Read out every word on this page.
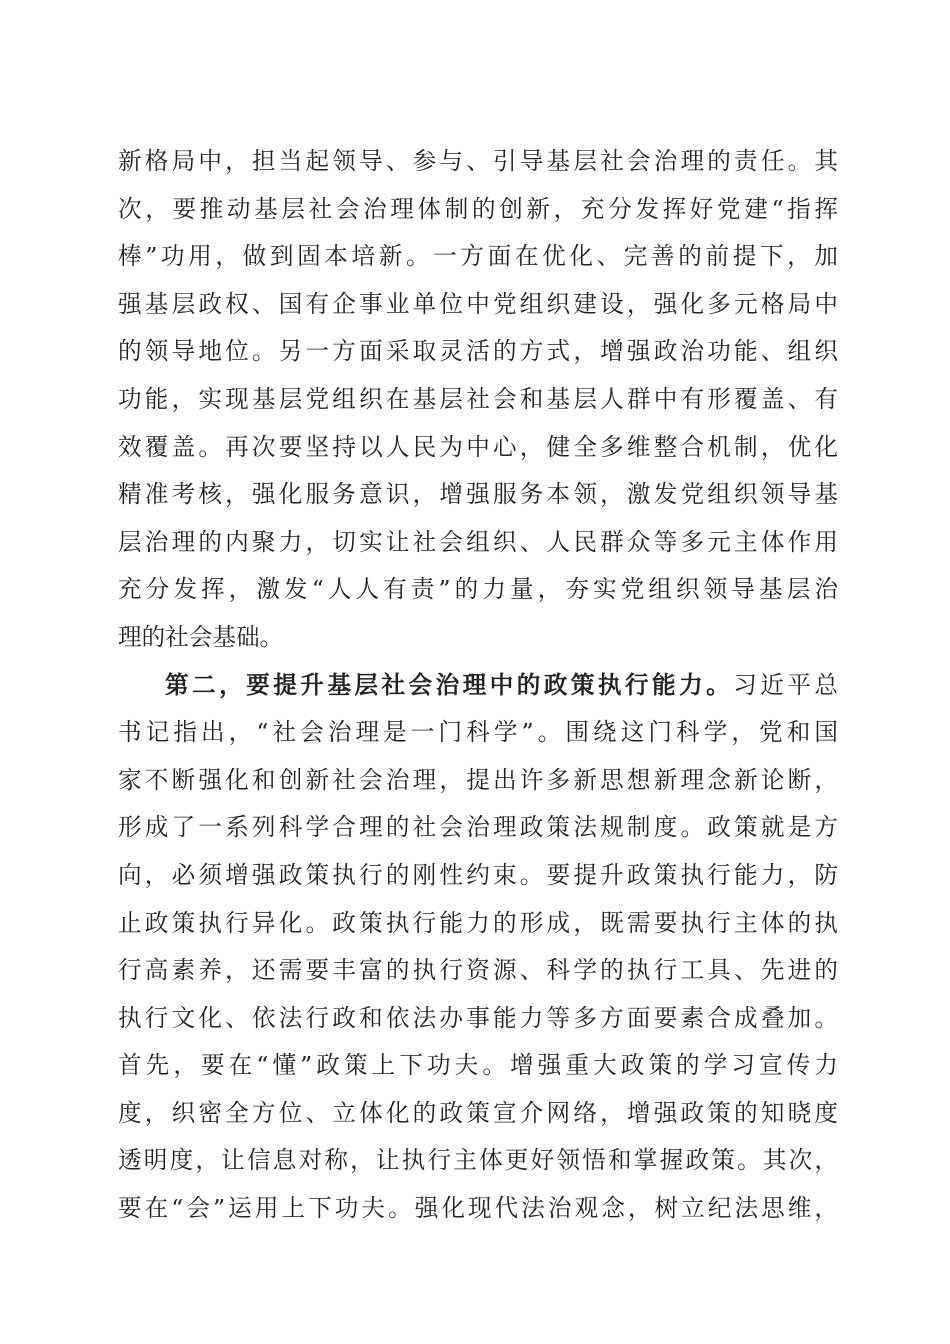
新格局中，担当起领导、参与、引导基层社会治理的责任。其
次，要推动基层社会治理体制的创新，充分发挥好党建“指挥
棒”功用，做到固本培新。一方面在优化、完善的前提下，加
强基层政权、国有企事业单位中党组织建设，强化多元格局中
的领导地位。另一方面采取灵活的方式，增强政治功能、组织
功能，实现基层党组织在基层社会和基层人群中有形覆盖、有
效覆盖。再次要坚持以人民为中心，健全多维整合机制，优化
精准考核，强化服务意识，增强服务本领，激发党组织领导基
层治理的内聚力，切实让社会组织、人民群众等多元主体作用
充分发挥，激发“人人有责”的力量，夯实党组织领导基层治
理的社会基础。
第二，要提升基层社会治理中的政策执行能力。习近平总
书记指出，“社会治理是一门科学”。围绕这门科学，党和国
家不断强化和创新社会治理，提出许多新思想新理念新论断，
形成了一系列科学合理的社会治理政策法规制度。政策就是方
向，必须增强政策执行的刚性约束。要提升政策执行能力，防
止政策执行异化。政策执行能力的形成，既需要执行主体的执
行高素养，还需要丰富的执行资源、科学的执行工具、先进的
执行文化、依法行政和依法办事能力等多方面要素合成叠加。
首先，要在“懂”政策上下功夫。增强重大政策的学习宣传力
度，织密全方位、立体化的政策宣介网络，增强政策的知晓度
透明度，让信息对称，让执行主体更好领悟和掌握政策。其次，
要在“会”运用上下功夫。强化现代法治观念，树立纪法思维，
